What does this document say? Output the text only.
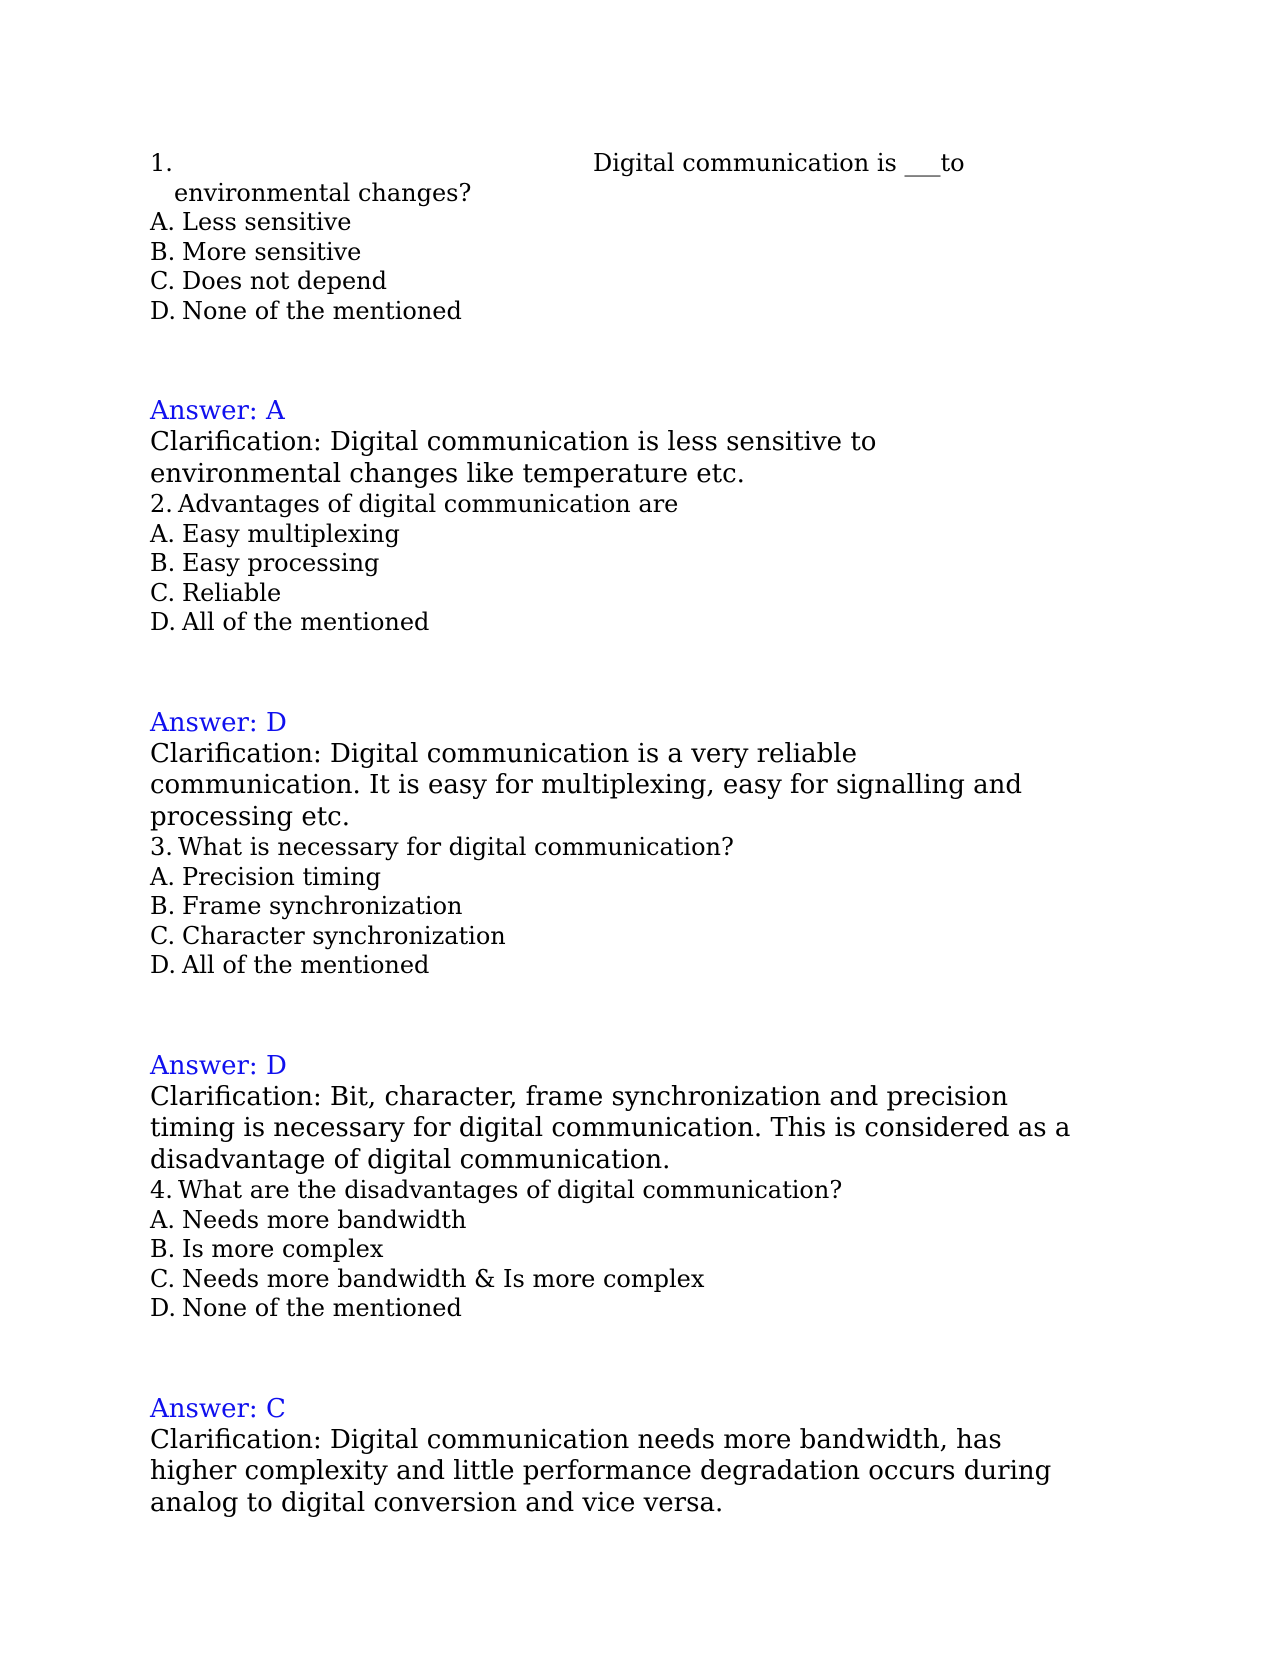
1.	Digital communication is ___to
environmental changes?
A. Less sensitive
B. More sensitive
C. Does not depend
D. None of the mentioned
Answer: A
Clarification: Digital communication is less sensitive to
environmental changes like temperature etc.
2. Advantages of digital communication are
A. Easy multiplexing
B. Easy processing
C. Reliable
D. All of the mentioned
Answer: D
Clarification: Digital communication is a very reliable
communication. It is easy for multiplexing, easy for signalling and
processing etc.
3. What is necessary for digital communication?
A. Precision timing
B. Frame synchronization
C. Character synchronization
D. All of the mentioned
Answer: D
Clarification: Bit, character, frame synchronization and precision
timing is necessary for digital communication. This is considered as a
disadvantage of digital communication.
4. What are the disadvantages of digital communication?
A. Needs more bandwidth
B. Is more complex
C. Needs more bandwidth & Is more complex
D. None of the mentioned
Answer: C
Clarification: Digital communication needs more bandwidth, has
higher complexity and little performance degradation occurs during
analog to digital conversion and vice versa.
